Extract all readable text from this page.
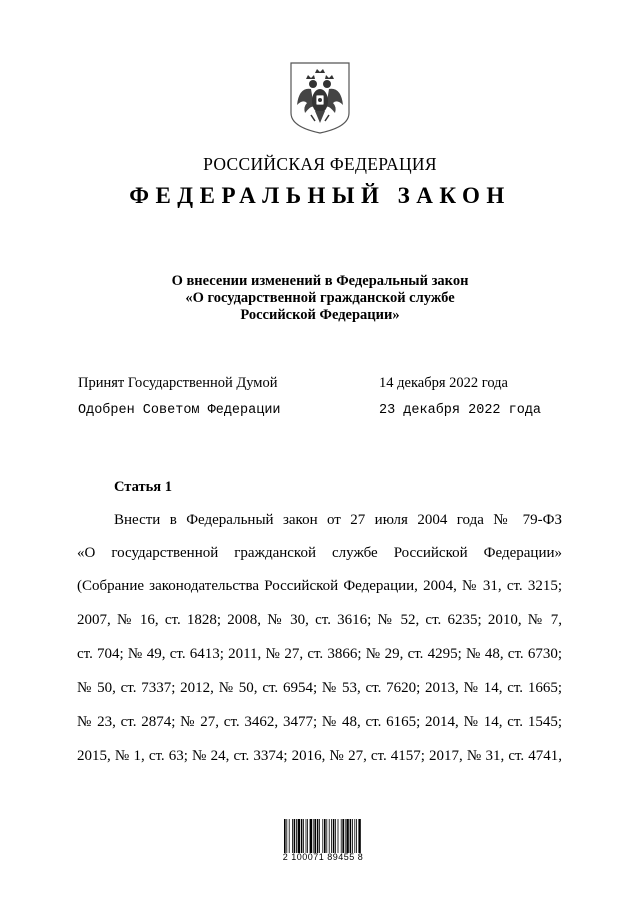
РОССИЙСКАЯ ФЕДЕРАЦИЯ
ФЕДЕРАЛЬНЫЙ ЗАКОН
О внесении изменений в Федеральный закон
«О государственной гражданской службе
Российской Федерации»
Принят Государственной Думой	14 декабря 2022 года
Одобрен Советом Федерации	23 декабря 2022 года
Статья 1
Внести в Федеральный закон от 27 июля 2004 года № 79-ФЗ
«О государственной гражданской службе Российской Федерации»
(Собрание законодательства Российской Федерации, 2004, № 31, ст. 3215;
2007, № 16, ст. 1828; 2008, № 30, ст. 3616; № 52, ст. 6235; 2010, № 7,
ст. 704; № 49, ст. 6413; 2011, № 27, ст. 3866; № 29, ст. 4295; № 48, ст. 6730;
№ 50, ст. 7337; 2012, № 50, ст. 6954; № 53, ст. 7620; 2013, № 14, ст. 1665;
№ 23, ст. 2874; № 27, ст. 3462, 3477; № 48, ст. 6165; 2014, № 14, ст. 1545;
2015, № 1, ст. 63; № 24, ст. 3374; 2016, № 27, ст. 4157; 2017, № 31, ст. 4741,
2 100071 89455 8
